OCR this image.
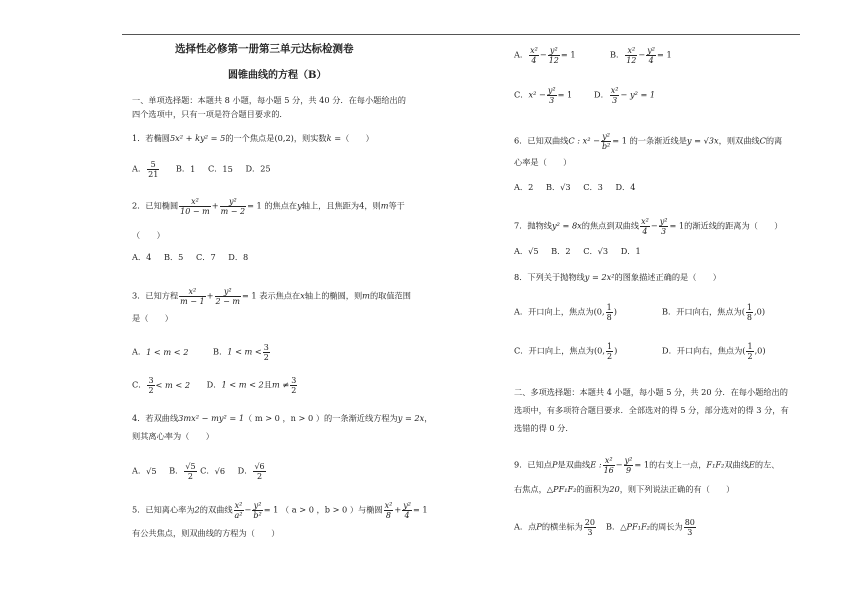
选择性必修第一册第三单元达标检测卷
圆锥曲线的方程（B）
一、单项选择题：本题共 8 小题，每小题 5 分，共 40 分．在每小题给出的
四个选项中，只有一项是符合题目要求的．
1．若椭圆5x² + ky² = 5的一个焦点是(0,2)，则实数k =（　　）
A． $\frac{5}{21}$ B．1 C．15 D．25
2．已知椭圆 $\frac{\text{x²}}{10 - m} + \frac{\text{y²}}{m - 2} = 1$ 的焦点在y轴上，且焦距为4，则m等于
（　　）
A．4 B．5 C．7 D．8
3．已知方程 $\frac{\text{x²}}{m - 1} + \frac{\text{y²}}{2 - m} = 1$ 表示焦点在x轴上的椭圆，则m的取值范围
是（　　）
A．1 < m < 2	B．$1 < m < \frac{3}{2}$
C． $\frac{3}{2} < m < 2$ D．1 < m < 2且$m \ne \frac{3}{2}$
4．若双曲线3mx² − my² = 1（ m > 0 ，n > 0 ）的一条渐近线方程为y = 2x，
则其离心率为（　　）
A．√5 B． $\frac{√5}{2}$ C．√6 D． $\frac{√6}{2}$
5．已知离心率为2的双曲线 $\frac{\text{x²}}{\text{a²}} - \frac{\text{y²}}{\text{b²}} = 1$ （ a > 0 ，b > 0 ）与椭圆 $\frac{\text{x²}}{8} + \frac{\text{y²}}{4} = 1$
有公共焦点，则双曲线的方程为（　　）
A． $\frac{\text{x²}}{4} - \frac{\text{y²}}{12} = 1$	B． $\frac{\text{x²}}{12} - \frac{\text{y²}}{4} = 1$
C．$x^2 - \frac{\text{y²}}{3} = 1$	D． $\frac{\text{x²}}{3} - y^2 = 1$
6．已知双曲线C : $x^2 - \frac{\text{y²}}{\text{b²}} = 1$ 的一条渐近线是y = √3x，则双曲线C的离
心率是（　　）
A．2 B．√3 C．3 D．4
7．抛物线y² = 8x的焦点到双曲线 $\frac{\text{x²}}{4} - \frac{\text{y²}}{3} = 1$的渐近线的距离为（　　）
A．√5 B．2 C．√3 D．1
8．下列关于抛物线y = 2x²的图象描述正确的是（　　）
A．开口向上，焦点为(0, $\frac{1}{8}$ )	B．开口向右，焦点为( $\frac{1}{8} ,0$)
C．开口向上，焦点为(0, $\frac{1}{2}$ )	D．开口向右，焦点为( $\frac{1}{2} ,0$)
二、多项选择题：本题共 4 小题，每小题 5 分，共 20 分．在每小题给出的
选项中，有多项符合题目要求．全部选对的得 5 分，部分选对的得 3 分，有
选错的得 0 分．
9．已知点P是双曲线E : $\frac{\text{x²}}{16} - \frac{\text{y²}}{9} = 1$的右支上一点，F₁F₂双曲线E的左、
右焦点，△PF₁F₂的面积为20，则下列说法正确的有（　　）
A．点P的横坐标为 $\frac{20}{3}$ B．△PF₁F₂的周长为 $\frac{80}{3}$
